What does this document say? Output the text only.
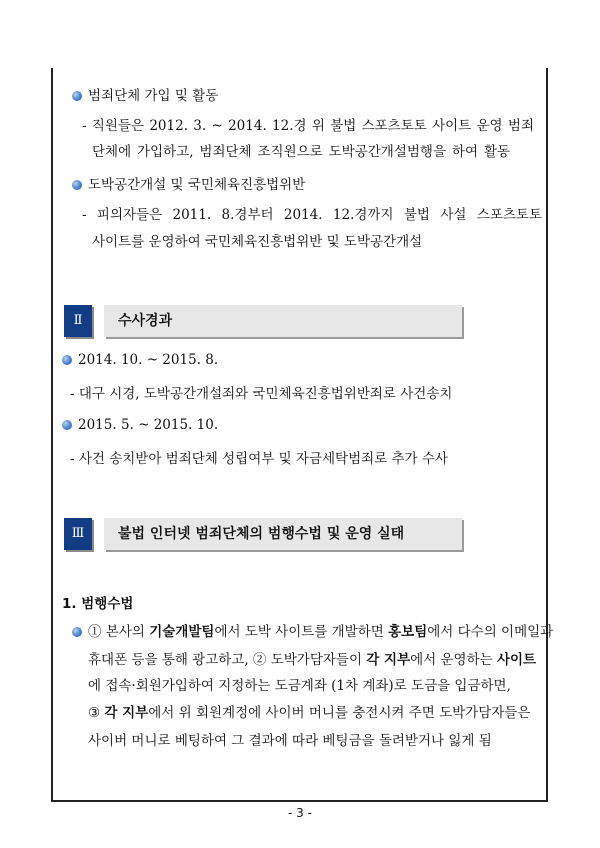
범죄단체 가입 및 활동
- 직원들은 2012. 3. ~ 2014. 12.경 위 불법 스포츠토토 사이트 운영 범죄
단체에 가입하고, 범죄단체 조직원으로 도박공간개설범행을 하여 활동
도박공간개설 및 국민체육진흥법위반
- 피의자들은 2011. 8.경부터 2014. 12.경까지 불법 사설 스포츠토토
사이트를 운영하여 국민체육진흥법위반 및 도박공간개설
Ⅱ	수사경과
2014. 10. ~ 2015. 8.
- 대구 시경, 도박공간개설죄와 국민체육진흥법위반죄로 사건송치
2015. 5. ~ 2015. 10.
- 사건 송치받아 범죄단체 성립여부 및 자금세탁범죄로 추가 수사
Ⅲ	불법 인터넷 범죄단체의 범행수법 및 운영 실태
1. 범행수법
① 본사의 기술개발팀에서 도박 사이트를 개발하면 홍보팀에서 다수의 이메일과
휴대폰 등을 통해 광고하고, ② 도박가담자들이 각 지부에서 운영하는 사이트
에 접속·회원가입하여 지정하는 도금계좌 (1차 계좌)로 도금을 입금하면,
③ 각 지부에서 위 회원계정에 사이버 머니를 충전시켜 주면 도박가담자들은
사이버 머니로 베팅하여 그 결과에 따라 베팅금을 돌려받거나 잃게 됨
- 3 -
